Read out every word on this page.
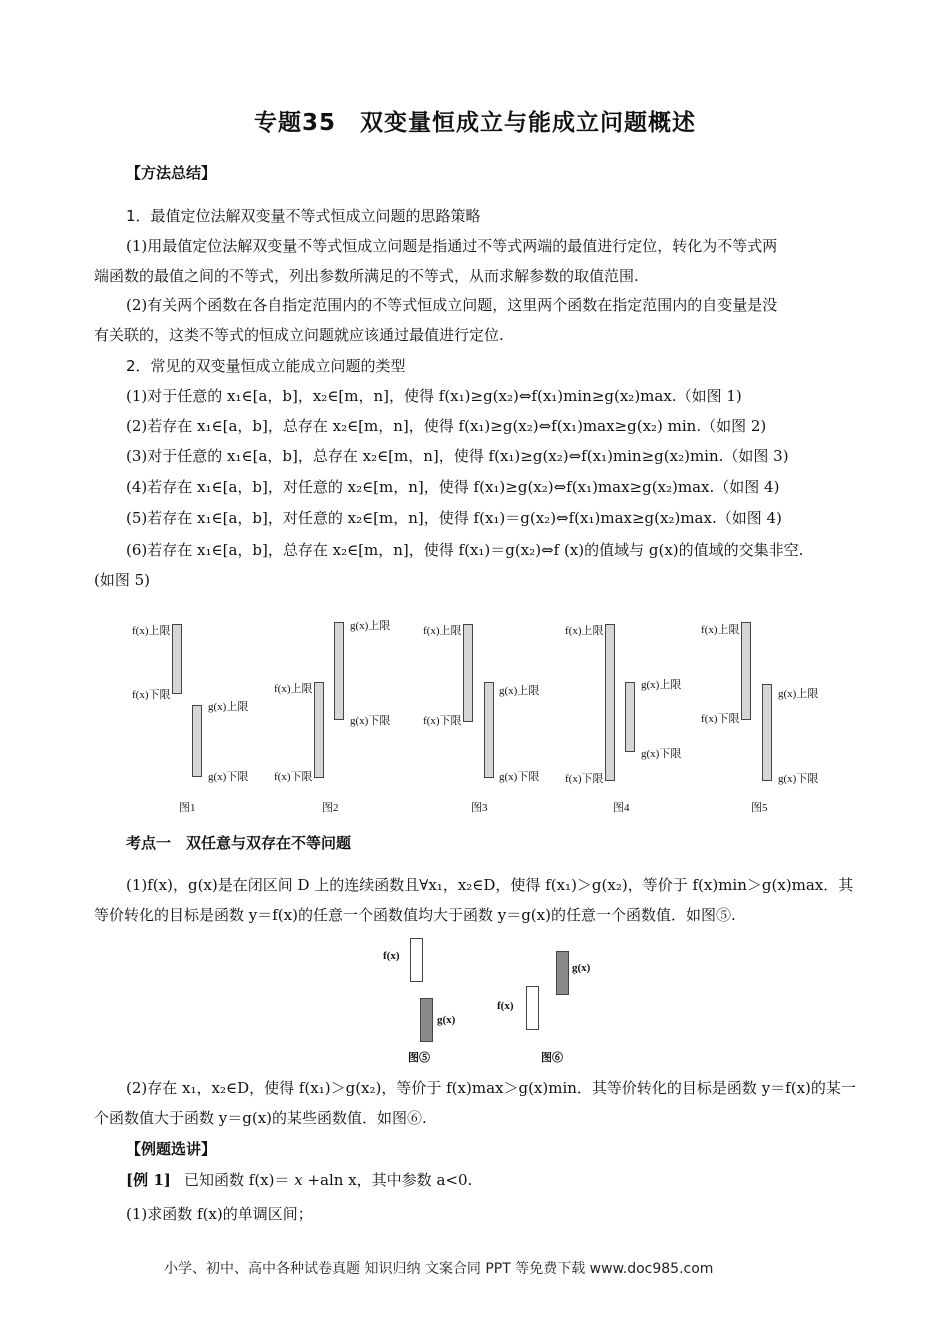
专题35　双变量恒成立与能成立问题概述
【方法总结】
1．最值定位法解双变量不等式恒成立问题的思路策略
(1)用最值定位法解双变量不等式恒成立问题是指通过不等式两端的最值进行定位，转化为不等式两
端函数的最值之间的不等式，列出参数所满足的不等式，从而求解参数的取值范围.
(2)有关两个函数在各自指定范围内的不等式恒成立问题，这里两个函数在指定范围内的自变量是没
有关联的，这类不等式的恒成立问题就应该通过最值进行定位.
2．常见的双变量恒成立能成立问题的类型
(1)对于任意的 x₁∈[a，b]，x₂∈[m，n]，使得 f(x₁)≥g(x₂)⇔f(x₁)min≥g(x₂)max.（如图 1)
(2)若存在 x₁∈[a，b]，总存在 x₂∈[m，n]，使得 f(x₁)≥g(x₂)⇔f(x₁)max≥g(x₂) min.（如图 2)
(3)对于任意的 x₁∈[a，b]，总存在 x₂∈[m，n]，使得 f(x₁)≥g(x₂)⇔f(x₁)min≥g(x₂)min.（如图 3)
(4)若存在 x₁∈[a，b]，对任意的 x₂∈[m，n]，使得 f(x₁)≥g(x₂)⇔f(x₁)max≥g(x₂)max.（如图 4)
(5)若存在 x₁∈[a，b]，对任意的 x₂∈[m，n]，使得 f(x₁)＝g(x₂)⇔f(x₁)max≥g(x₂)max.（如图 4)
(6)若存在 x₁∈[a，b]，总存在 x₂∈[m，n]，使得 f(x₁)＝g(x₂)⇔f (x)的值域与 g(x)的值域的交集非空.
(如图 5)
f(x)上限
f(x)下限
g(x)上限
g(x)下限
图1
f(x)上限
f(x)下限
g(x)上限
g(x)下限
图2
f(x)上限
f(x)下限
g(x)上限
g(x)下限
图3
f(x)上限
f(x)下限
g(x)上限
g(x)下限
图4
f(x)上限
f(x)下限
g(x)上限
g(x)下限
图5
考点一　双任意与双存在不等问题
(1)f(x)，g(x)是在闭区间 D 上的连续函数且∀x₁，x₂∈D，使得 f(x₁)＞g(x₂)，等价于 f(x)min＞g(x)max．其
等价转化的目标是函数 y＝f(x)的任意一个函数值均大于函数 y＝g(x)的任意一个函数值．如图⑤.
f(x)
g(x)
图⑤
f(x)
g(x)
图⑥
(2)存在 x₁，x₂∈D，使得 f(x₁)＞g(x₂)，等价于 f(x)max＞g(x)min．其等价转化的目标是函数 y＝f(x)的某一
个函数值大于函数 y＝g(x)的某些函数值．如图⑥.
【例题选讲】
[例 1] 已知函数 f(x)＝ 𝑥 +aln x，其中参数 a<0.
(1)求函数 f(x)的单调区间；
小学、初中、高中各种试卷真题 知识归纳 文案合同 PPT 等免费下载 www.doc985.com
